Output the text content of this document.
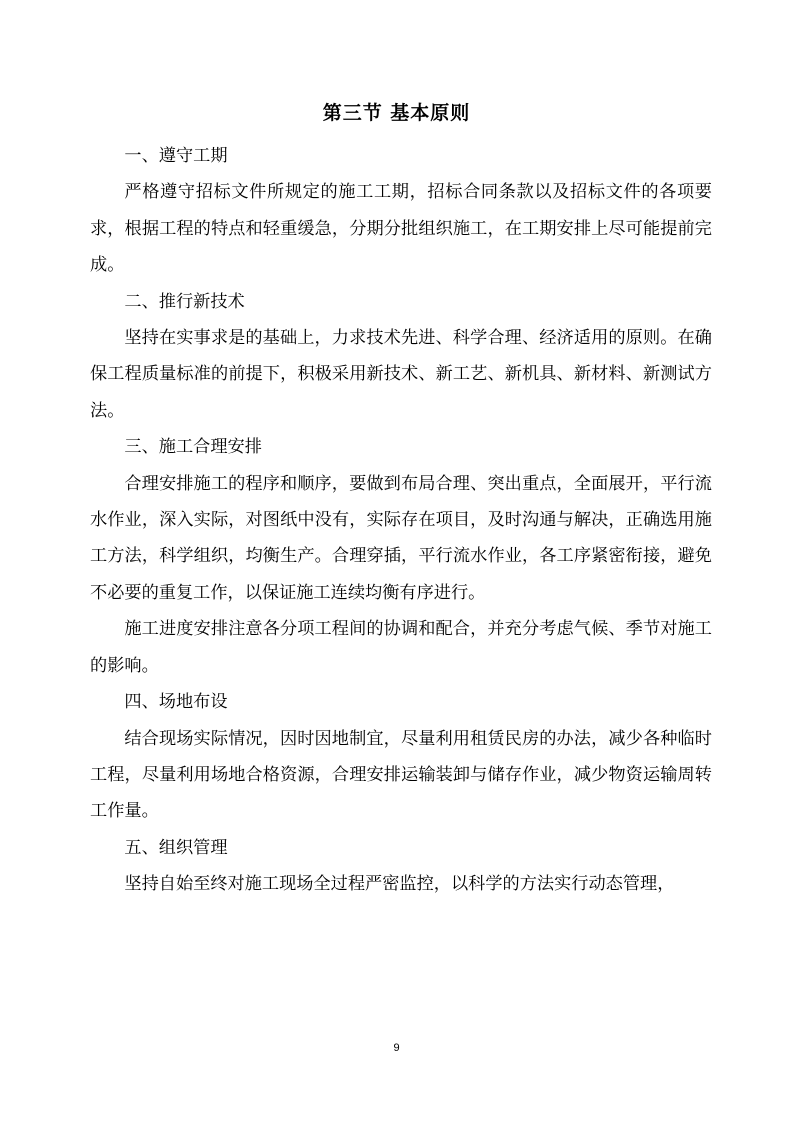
第三节 基本原则

一、遵守工期

严格遵守招标文件所规定的施工工期，招标合同条款以及招标文件的各项要求，根据工程的特点和轻重缓急，分期分批组织施工，在工期安排上尽可能提前完成。

二、推行新技术

坚持在实事求是的基础上，力求技术先进、科学合理、经济适用的原则。在确保工程质量标准的前提下，积极采用新技术、新工艺、新机具、新材料、新测试方法。

三、施工合理安排

合理安排施工的程序和顺序，要做到布局合理、突出重点，全面展开，平行流水作业，深入实际，对图纸中没有，实际存在项目，及时沟通与解决，正确选用施工方法，科学组织，均衡生产。合理穿插，平行流水作业，各工序紧密衔接，避免不必要的重复工作，以保证施工连续均衡有序进行。

施工进度安排注意各分项工程间的协调和配合，并充分考虑气候、季节对施工的影响。

四、场地布设

结合现场实际情况，因时因地制宜，尽量利用租赁民房的办法，减少各种临时工程，尽量利用场地合格资源，合理安排运输装卸与储存作业，减少物资运输周转工作量。

五、组织管理

坚持自始至终对施工现场全过程严密监控，以科学的方法实行动态管理，

9
